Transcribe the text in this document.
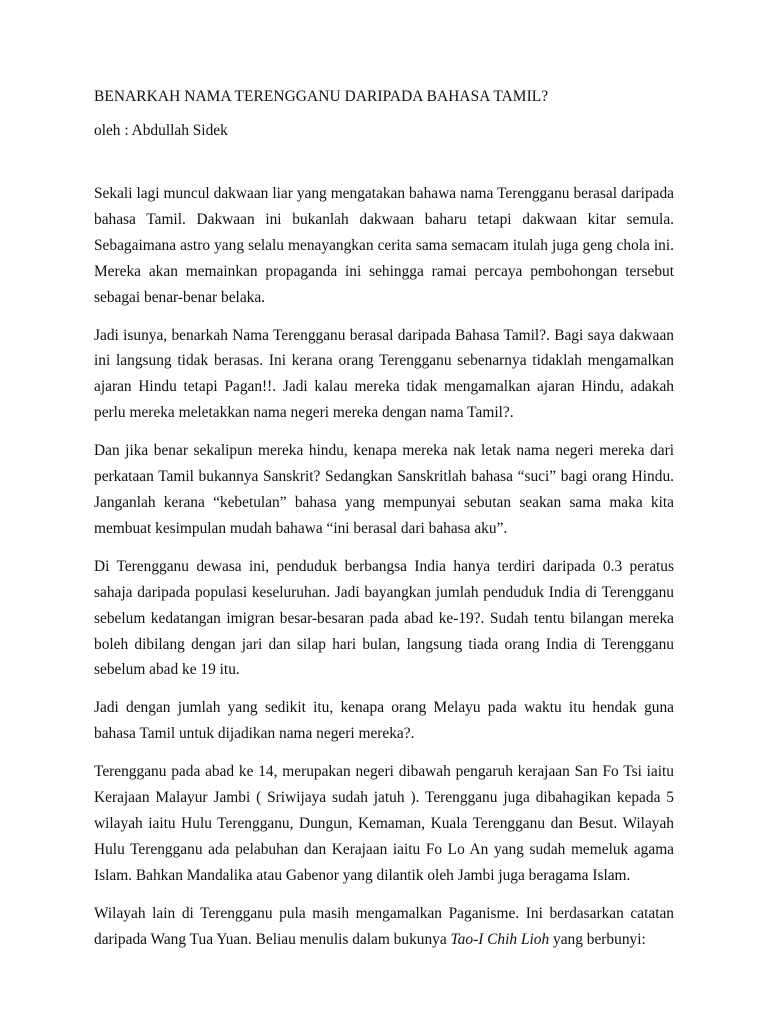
BENARKAH NAMA TERENGGANU DARIPADA BAHASA TAMIL?

oleh : Abdullah Sidek

Sekali lagi muncul dakwaan liar yang mengatakan bahawa nama Terengganu berasal daripada bahasa Tamil. Dakwaan ini bukanlah dakwaan baharu tetapi dakwaan kitar semula. Sebagaimana astro yang selalu menayangkan cerita sama semacam itulah juga geng chola ini. Mereka akan memainkan propaganda ini sehingga ramai percaya pembohongan tersebut sebagai benar-benar belaka.

Jadi isunya, benarkah Nama Terengganu berasal daripada Bahasa Tamil?. Bagi saya dakwaan ini langsung tidak berasas. Ini kerana orang Terengganu sebenarnya tidaklah mengamalkan ajaran Hindu tetapi Pagan!!. Jadi kalau mereka tidak mengamalkan ajaran Hindu, adakah perlu mereka meletakkan nama negeri mereka dengan nama Tamil?.

Dan jika benar sekalipun mereka hindu, kenapa mereka nak letak nama negeri mereka dari perkataan Tamil bukannya Sanskrit? Sedangkan Sanskritlah bahasa “suci” bagi orang Hindu. Janganlah kerana “kebetulan” bahasa yang mempunyai sebutan seakan sama maka kita membuat kesimpulan mudah bahawa “ini berasal dari bahasa aku”.

Di Terengganu dewasa ini, penduduk berbangsa India hanya terdiri daripada 0.3 peratus sahaja daripada populasi keseluruhan. Jadi bayangkan jumlah penduduk India di Terengganu sebelum kedatangan imigran besar-besaran pada abad ke-19?. Sudah tentu bilangan mereka boleh dibilang dengan jari dan silap hari bulan, langsung tiada orang India di Terengganu sebelum abad ke 19 itu.

Jadi dengan jumlah yang sedikit itu, kenapa orang Melayu pada waktu itu hendak guna bahasa Tamil untuk dijadikan nama negeri mereka?.

Terengganu pada abad ke 14, merupakan negeri dibawah pengaruh kerajaan San Fo Tsi iaitu Kerajaan Malayur Jambi ( Sriwijaya sudah jatuh ). Terengganu juga dibahagikan kepada 5 wilayah iaitu Hulu Terengganu, Dungun, Kemaman, Kuala Terengganu dan Besut. Wilayah Hulu Terengganu ada pelabuhan dan Kerajaan iaitu Fo Lo An yang sudah memeluk agama Islam. Bahkan Mandalika atau Gabenor yang dilantik oleh Jambi juga beragama Islam.

Wilayah lain di Terengganu pula masih mengamalkan Paganisme. Ini berdasarkan catatan daripada Wang Tua Yuan. Beliau menulis dalam bukunya Tao-I Chih Lioh yang berbunyi:
